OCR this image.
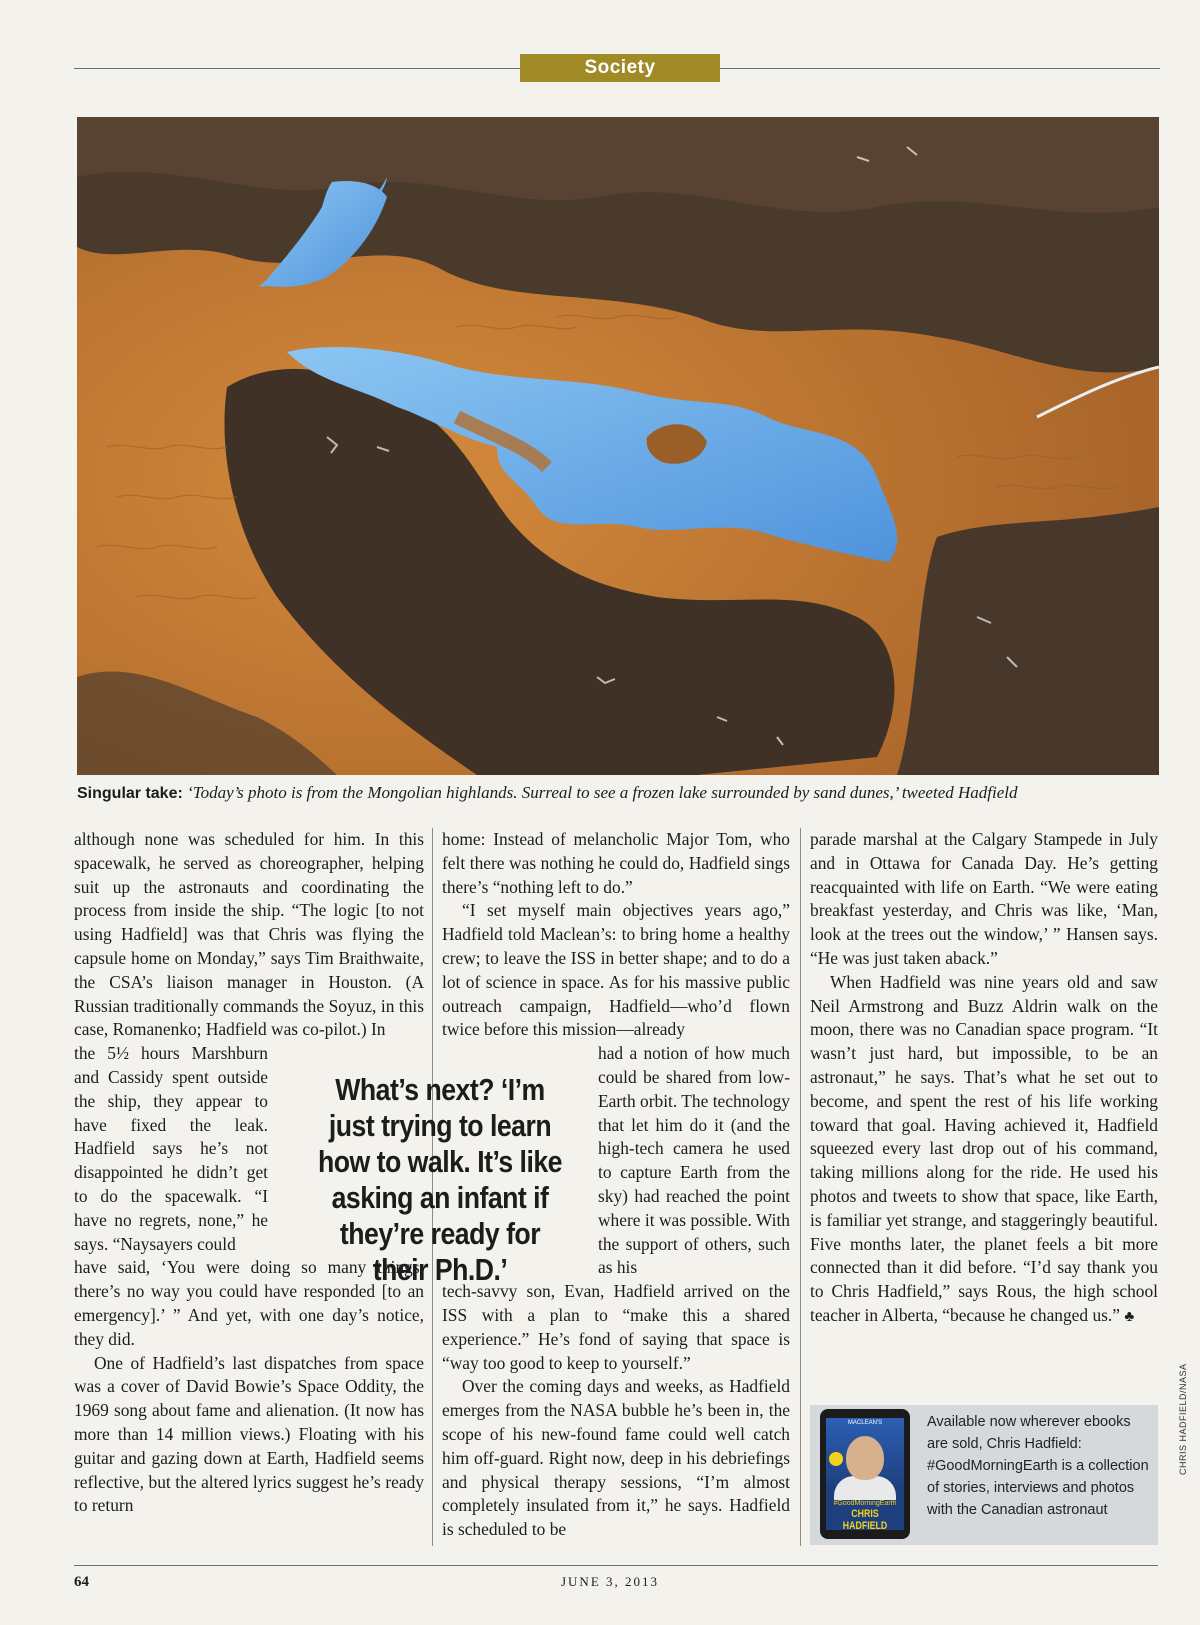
Society
Singular take: ‘Today’s photo is from the Mongolian highlands. Surreal to see a frozen lake surrounded by sand dunes,’ tweeted Hadfield

although none was scheduled for him. In this spacewalk, he served as choreographer, helping suit up the astronauts and coordinating the process from inside the ship. “The logic [to not using Hadfield] was that Chris was flying the capsule home on Monday,” says Tim Braithwaite, the CSA’s liaison manager in Houston. (A Russian traditionally commands the Soyuz, in this case, Romanenko; Hadfield was co-pilot.) In

the 5½ hours Marshburn and Cassidy spent outside the ship, they appear to have fixed the leak. Hadfield says he’s not disappointed he didn’t get to do the spacewalk. “I have no regrets, none,” he says. “Naysayers could

have said, ‘You were doing so many things, there’s no way you could have responded [to an emergency].’ ” And yet, with one day’s notice, they did.

One of Hadfield’s last dispatches from space was a cover of David Bowie’s Space Oddity, the 1969 song about fame and alienation. (It now has more than 14 million views.) Floating with his guitar and gazing down at Earth, Hadfield seems reflective, but the altered lyrics suggest he’s ready to return

What’s next? ‘I’m just trying to learn how to walk. It’s like asking an infant if they’re ready for their Ph.D.’

home: Instead of melancholic Major Tom, who felt there was nothing he could do, Hadfield sings there’s “nothing left to do.”

“I set myself main objectives years ago,” Hadfield told Maclean’s: to bring home a healthy crew; to leave the ISS in better shape; and to do a lot of science in space. As for his massive public outreach campaign, Hadfield—who’d flown twice before this mission—already

had a notion of how much could be shared from low-Earth orbit. The technology that let him do it (and the high-tech camera he used to capture Earth from the sky) had reached the point where it was possible. With the support of others, such as his

tech-savvy son, Evan, Hadfield arrived on the ISS with a plan to “make this a shared experience.” He’s fond of saying that space is “way too good to keep to yourself.”

Over the coming days and weeks, as Hadfield emerges from the NASA bubble he’s been in, the scope of his new-found fame could well catch him off-guard. Right now, deep in his debriefings and physical therapy sessions, “I’m almost completely insulated from it,” he says. Hadfield is scheduled to be

parade marshal at the Calgary Stampede in July and in Ottawa for Canada Day. He’s getting reacquainted with life on Earth. “We were eating breakfast yesterday, and Chris was like, ‘Man, look at the trees out the window,’ ” Hansen says. “He was just taken aback.”

When Hadfield was nine years old and saw Neil Armstrong and Buzz Aldrin walk on the moon, there was no Canadian space program. “It wasn’t just hard, but impossible, to be an astronaut,” he says. That’s what he set out to become, and spent the rest of his life working toward that goal. Having achieved it, Hadfield squeezed every last drop out of his command, taking millions along for the ride. He used his photos and tweets to show that space, like Earth, is familiar yet strange, and staggeringly beautiful. Five months later, the planet feels a bit more connected than it did before. “I’d say thank you to Chris Hadfield,” says Rous, the high school teacher in Alberta, “because he changed us.” ♣

MACLEAN'S
#GoodMorningEarth
CHRIS HADFIELD
Available now wherever ebooks are sold, Chris Hadfield: #GoodMorningEarth is a collection of stories, interviews and photos with the Canadian astronaut
CHRIS HADFIELD/NASA
64	JUNE 3, 2013
